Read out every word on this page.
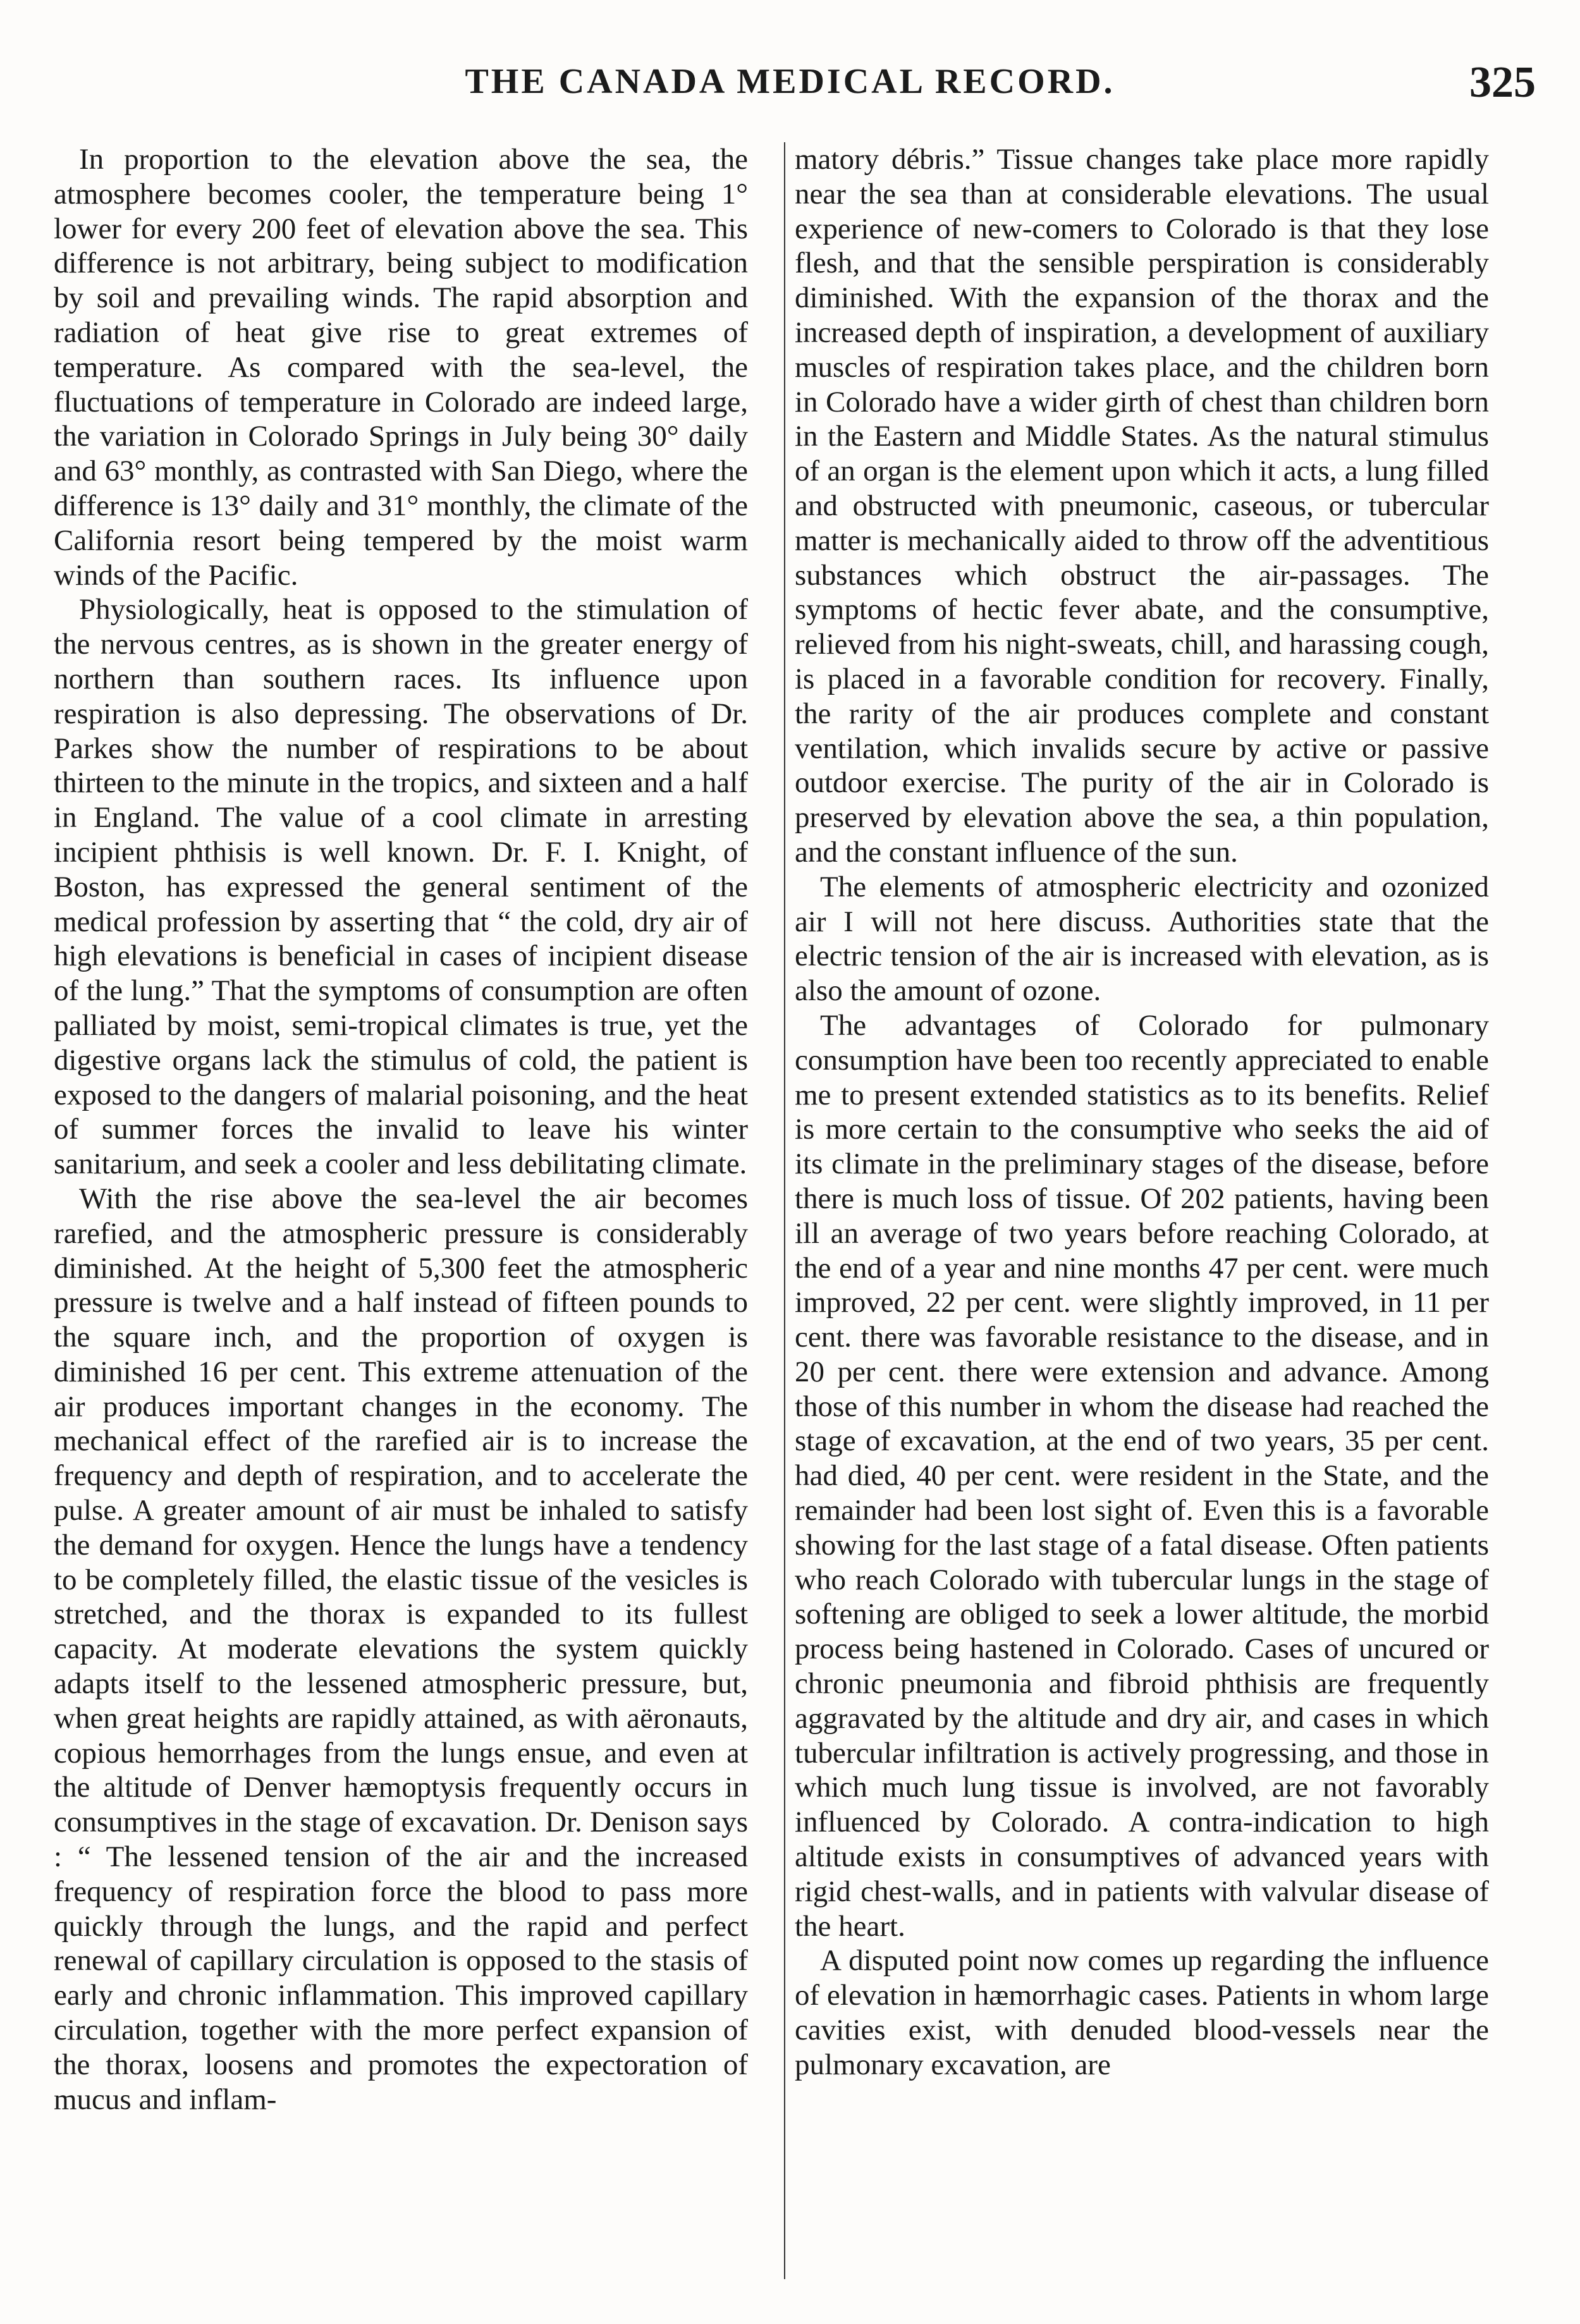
THE CANADA MEDICAL RECORD.	325

In proportion to the elevation above the sea, the atmosphere becomes cooler, the temperature being 1° lower for every 200 feet of elevation above the sea. This difference is not arbitrary, being subject to modification by soil and prevailing winds. The rapid absorption and radiation of heat give rise to great extremes of temperature. As compared with the sea-level, the fluctuations of temperature in Colorado are indeed large, the variation in Colorado Springs in July being 30° daily and 63° monthly, as contrasted with San Diego, where the difference is 13° daily and 31° monthly, the climate of the California resort being tempered by the moist warm winds of the Pacific.

Physiologically, heat is opposed to the stimulation of the nervous centres, as is shown in the greater energy of northern than southern races. Its influence upon respiration is also depressing. The observations of Dr. Parkes show the number of respirations to be about thirteen to the minute in the tropics, and sixteen and a half in England. The value of a cool climate in arresting incipient phthisis is well known. Dr. F. I. Knight, of Boston, has expressed the general sentiment of the medical profession by asserting that “ the cold, dry air of high elevations is beneficial in cases of incipient disease of the lung.” That the symptoms of consumption are often palliated by moist, semi-tropical climates is true, yet the digestive organs lack the stimulus of cold, the patient is exposed to the dangers of malarial poisoning, and the heat of summer forces the invalid to leave his winter sanitarium, and seek a cooler and less debilitating climate.

With the rise above the sea-level the air becomes rarefied, and the atmospheric pressure is considerably diminished. At the height of 5,300 feet the atmospheric pressure is twelve and a half instead of fifteen pounds to the square inch, and the proportion of oxygen is diminished 16 per cent. This extreme attenuation of the air produces important changes in the economy. The mechanical effect of the rarefied air is to increase the frequency and depth of respiration, and to accelerate the pulse. A greater amount of air must be inhaled to satisfy the demand for oxygen. Hence the lungs have a tendency to be completely filled, the elastic tissue of the vesicles is stretched, and the thorax is expanded to its fullest capacity. At moderate elevations the system quickly adapts itself to the lessened atmospheric pressure, but, when great heights are rapidly attained, as with aëronauts, copious hemorrhages from the lungs ensue, and even at the altitude of Denver hæmoptysis frequently occurs in consumptives in the stage of excavation. Dr. Denison says : “ The lessened tension of the air and the increased frequency of respiration force the blood to pass more quickly through the lungs, and the rapid and perfect renewal of capillary circulation is opposed to the stasis of early and chronic inflammation. This improved capillary circulation, together with the more perfect expansion of the thorax, loosens and promotes the expectoration of mucus and inflam-

matory débris.” Tissue changes take place more rapidly near the sea than at considerable elevations. The usual experience of new-comers to Colorado is that they lose flesh, and that the sensible perspiration is considerably diminished. With the expansion of the thorax and the increased depth of inspiration, a development of auxiliary muscles of respiration takes place, and the children born in Colorado have a wider girth of chest than children born in the Eastern and Middle States. As the natural stimulus of an organ is the element upon which it acts, a lung filled and obstructed with pneumonic, caseous, or tubercular matter is mechanically aided to throw off the adventitious substances which obstruct the air-passages. The symptoms of hectic fever abate, and the consumptive, relieved from his night-sweats, chill, and harassing cough, is placed in a favorable condition for recovery. Finally, the rarity of the air produces complete and constant ventilation, which invalids secure by active or passive outdoor exercise. The purity of the air in Colorado is preserved by elevation above the sea, a thin population, and the constant influence of the sun.

The elements of atmospheric electricity and ozonized air I will not here discuss. Authorities state that the electric tension of the air is increased with elevation, as is also the amount of ozone.

The advantages of Colorado for pulmonary consumption have been too recently appreciated to enable me to present extended statistics as to its benefits. Relief is more certain to the consumptive who seeks the aid of its climate in the preliminary stages of the disease, before there is much loss of tissue. Of 202 patients, having been ill an average of two years before reaching Colorado, at the end of a year and nine months 47 per cent. were much improved, 22 per cent. were slightly improved, in 11 per cent. there was favorable resistance to the disease, and in 20 per cent. there were extension and advance. Among those of this number in whom the disease had reached the stage of excavation, at the end of two years, 35 per cent. had died, 40 per cent. were resident in the State, and the remainder had been lost sight of. Even this is a favorable showing for the last stage of a fatal disease. Often patients who reach Colorado with tubercular lungs in the stage of softening are obliged to seek a lower altitude, the morbid process being hastened in Colorado. Cases of uncured or chronic pneumonia and fibroid phthisis are frequently aggravated by the altitude and dry air, and cases in which tubercular infiltration is actively progressing, and those in which much lung tissue is involved, are not favorably influenced by Colorado. A contra-indication to high altitude exists in consumptives of advanced years with rigid chest-walls, and in patients with valvular disease of the heart.

A disputed point now comes up regarding the influence of elevation in hæmorrhagic cases. Patients in whom large cavities exist, with denuded blood-vessels near the pulmonary excavation, are
